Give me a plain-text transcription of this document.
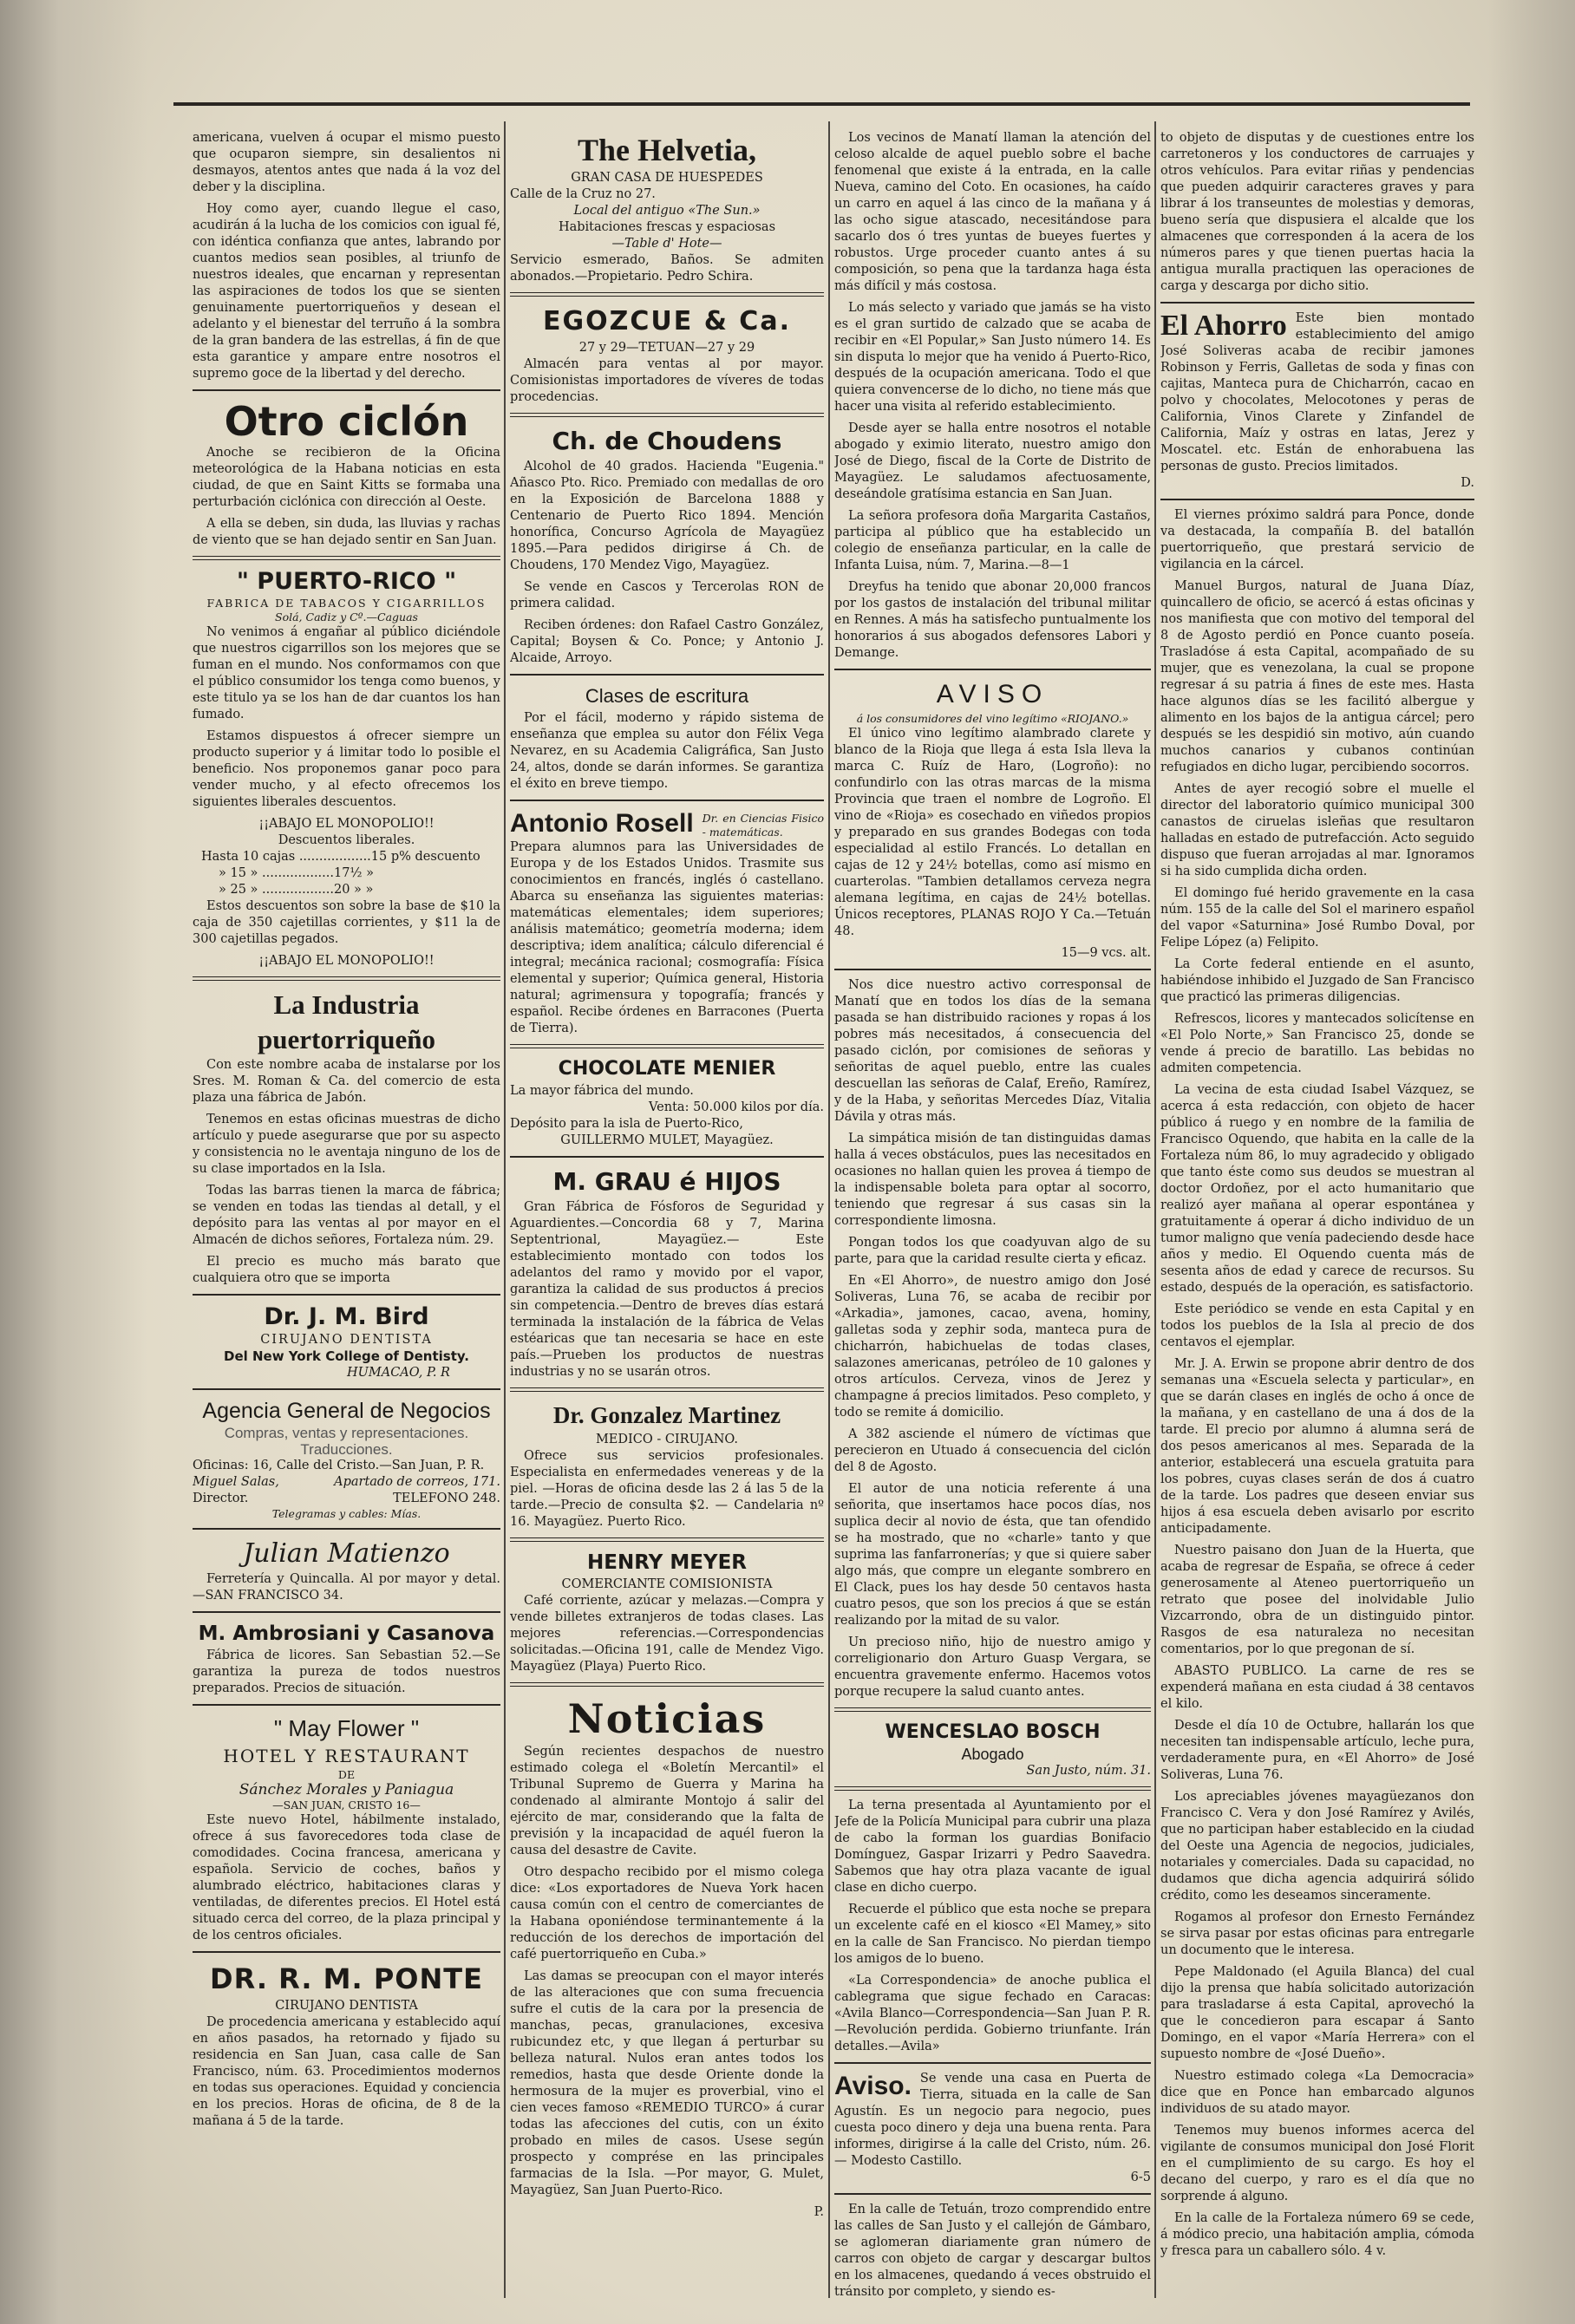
americana, vuelven á ocupar el mismo puesto que ocuparon siempre, sin desalientos ni desmayos, atentos antes que nada á la voz del deber y la disciplina.

Hoy como ayer, cuando llegue el caso, acudirán á la lucha de los comicios con igual fé, con idéntica confianza que antes, labrando por cuantos medios sean posibles, al triunfo de nuestros ideales, que encarnan y representan las aspiraciones de todos los que se sienten genuinamente puertorriqueños y desean el adelanto y el bienestar del terruño á la sombra de la gran bandera de las estrellas, á fin de que esta garantice y ampare entre nosotros el supremo goce de la libertad y del derecho.

Otro ciclón

Anoche se recibieron de la Oficina meteorológica de la Habana noticias en esta ciudad, de que en Saint Kitts se formaba una perturbación ciclónica con dirección al Oeste.

A ella se deben, sin duda, las lluvias y rachas de viento que se han dejado sentir en San Juan.

" PUERTO-RICO "
FABRICA DE TABACOS Y CIGARRILLOS
Solá, Cadiz y Cº.—Caguas

No venimos á engañar al público diciéndole que nuestros cigarrillos son los mejores que se fuman en el mundo. Nos conformamos con que el público consumidor los tenga como buenos, y este titulo ya se los han de dar cuantos los han fumado.

Estamos dispuestos á ofrecer siempre un producto superior y á limitar todo lo posible el beneficio. Nos proponemos ganar poco para vender mucho, y al efecto ofrecemos los siguientes liberales descuentos.

¡¡ABAJO EL MONOPOLIO!!
Descuentos liberales.
Hasta 10 cajas ..................15 p% descuento
» 15 » ..................17½ »
» 25 » ..................20 » »

Estos descuentos son sobre la base de $10 la caja de 350 cajetillas corrientes, y $11 la de 300 cajetillas pegados.

¡¡ABAJO EL MONOPOLIO!!
La Industria puertorriqueño

Con este nombre acaba de instalarse por los Sres. M. Roman & Ca. del comercio de esta plaza una fábrica de Jabón.

Tenemos en estas oficinas muestras de dicho artículo y puede asegurarse que por su aspecto y consistencia no le aventaja ninguno de los de su clase importados en la Isla.

Todas las barras tienen la marca de fábrica; se venden en todas las tiendas al detall, y el depósito para las ventas al por mayor en el Almacén de dichos señores, Fortaleza núm. 29.

El precio es mucho más barato que cualquiera otro que se importa

Dr. J. M. Bird
CIRUJANO DENTISTA
Del New York College of Dentisty.
HUMACAO, P. R
Agencia General de Negocios
Compras, ventas y representaciones. Traducciones.
Oficinas: 16, Calle del Cristo.—San Juan, P. R.
Miguel Salas,	Apartado de correos, 171.
Director.	TELEFONO 248.
Telegramas y cables: Mías.
Julian Matienzo

Ferretería y Quincalla. Al por mayor y detal.—SAN FRANCISCO 34.

M. Ambrosiani y Casanova

Fábrica de licores. San Sebastian 52.—Se garantiza la pureza de todos nuestros preparados. Precios de situación.

" May Flower "
HOTEL Y RESTAURANT
DE
Sánchez Morales y Paniagua
—SAN JUAN, CRISTO 16—

Este nuevo Hotel, hábilmente instalado, ofrece á sus favorecedores toda clase de comodidades. Cocina francesa, americana y española. Servicio de coches, baños y alumbrado eléctrico, habitaciones claras y ventiladas, de diferentes precios. El Hotel está situado cerca del correo, de la plaza principal y de los centros oficiales.

DR. R. M. PONTE
CIRUJANO DENTISTA

De procedencia americana y establecido aquí en años pasados, ha retornado y fijado su residencia en San Juan, casa calle de San Francisco, núm. 63. Procedimientos modernos en todas sus operaciones. Equidad y conciencia en los precios. Horas de oficina, de 8 de la mañana á 5 de la tarde.

The Helvetia,
GRAN CASA DE HUESPEDES
Calle de la Cruz no 27.
Local del antiguo «The Sun.»
Habitaciones frescas y espaciosas
—Table d' Hote—

Servicio esmerado, Baños. Se admiten abonados.—Propietario. Pedro Schira.

EGOZCUE & Ca.
27 y 29—TETUAN—27 y 29

Almacén para ventas al por mayor. Comisionistas importadores de víveres de todas procedencias.

Ch. de Choudens

Alcohol de 40 grados. Hacienda "Eugenia." Añasco Pto. Rico. Premiado con medallas de oro en la Exposición de Barcelona 1888 y Centenario de Puerto Rico 1894. Mención honorífica, Concurso Agrícola de Mayagüez 1895.—Para pedidos dirigirse á Ch. de Choudens, 170 Mendez Vigo, Mayagüez.

Se vende en Cascos y Tercerolas RON de primera calidad.

Reciben órdenes: don Rafael Castro González, Capital; Boysen & Co. Ponce; y Antonio J. Alcaide, Arroyo.

Clases de escritura

Por el fácil, moderno y rápido sistema de enseñanza que emplea su autor don Félix Vega Nevarez, en su Academia Caligráfica, San Justo 24, altos, donde se darán informes. Se garantiza el éxito en breve tiempo.

Antonio Rosell Dr. en Ciencias Fisico - matemáticas.

Prepara alumnos para las Universidades de Europa y de los Estados Unidos. Trasmite sus conocimientos en francés, inglés ó castellano. Abarca su enseñanza las siguientes materias: matemáticas elementales; idem superiores; análisis matemático; geometría moderna; idem descriptiva; idem analítica; cálculo diferencial é integral; mecánica racional; cosmografía: Física elemental y superior; Química general, Historia natural; agrimensura y topografía; francés y español. Recibe órdenes en Barracones (Puerta de Tierra).

CHOCOLATE MENIER
La mayor fábrica del mundo.
Venta: 50.000 kilos por día.
Depósito para la isla de Puerto-Rico,
GUILLERMO MULET, Mayagüez.
M. GRAU é HIJOS

Gran Fábrica de Fósforos de Seguridad y Aguardientes.—Concordia 68 y 7, Marina Septentrional, Mayagüez.— Este establecimiento montado con todos los adelantos del ramo y movido por el vapor, garantiza la calidad de sus productos á precios sin competencia.—Dentro de breves días estará terminada la instalación de la fábrica de Velas estéaricas que tan necesaria se hace en este país.—Prueben los productos de nuestras industrias y no se usarán otros.

Dr. Gonzalez Martinez
MEDICO - CIRUJANO.

Ofrece sus servicios profesionales. Especialista en enfermedades venereas y de la piel. —Horas de oficina desde las 2 á las 5 de la tarde.—Precio de consulta $2. — Candelaria nº 16. Mayagüez. Puerto Rico.

HENRY MEYER
COMERCIANTE COMISIONISTA

Café corriente, azúcar y melazas.—Compra y vende billetes extranjeros de todas clases. Las mejores referencias.—Correspondencias solicitadas.—Oficina 191, calle de Mendez Vigo. Mayagüez (Playa) Puerto Rico.

Noticias

Según recientes despachos de nuestro estimado colega el «Boletín Mercantil» el Tribunal Supremo de Guerra y Marina ha condenado al almirante Montojo á salir del ejército de mar, considerando que la falta de previsión y la incapacidad de aquél fueron la causa del desastre de Cavite.

Otro despacho recibido por el mismo colega dice: «Los exportadores de Nueva York hacen causa común con el centro de comerciantes de la Habana oponiéndose terminantemente á la reducción de los derechos de importación del café puertorriqueño en Cuba.»

Las damas se preocupan con el mayor interés de las alteraciones que con suma frecuencia sufre el cutis de la cara por la presencia de manchas, pecas, granulaciones, excesiva rubicundez etc, y que llegan á perturbar su belleza natural. Nulos eran antes todos los remedios, hasta que desde Oriente donde la hermosura de la mujer es proverbial, vino el cien veces famoso «REMEDIO TURCO» á curar todas las afecciones del cutis, con un éxito probado en miles de casos. Usese según prospecto y comprése en las principales farmacias de la Isla. —Por mayor, G. Mulet, Mayagüez, San Juan Puerto-Rico.

P.

Los vecinos de Manatí llaman la atención del celoso alcalde de aquel pueblo sobre el bache fenomenal que existe á la entrada, en la calle Nueva, camino del Coto. En ocasiones, ha caído un carro en aquel á las cinco de la mañana y á las ocho sigue atascado, necesitándose para sacarlo dos ó tres yuntas de bueyes fuertes y robustos. Urge proceder cuanto antes á su composición, so pena que la tardanza haga ésta más difícil y más costosa.

Lo más selecto y variado que jamás se ha visto es el gran surtido de calzado que se acaba de recibir en «El Popular,» San Justo número 14. Es sin disputa lo mejor que ha venido á Puerto-Rico, después de la ocupación americana. Todo el que quiera convencerse de lo dicho, no tiene más que hacer una visita al referido establecimiento.

Desde ayer se halla entre nosotros el notable abogado y eximio literato, nuestro amigo don José de Diego, fiscal de la Corte de Distrito de Mayagüez. Le saludamos afectuosamente, deseándole gratísima estancia en San Juan.

La señora profesora doña Margarita Castaños, participa al público que ha establecido un colegio de enseñanza particular, en la calle de Infanta Luisa, núm. 7, Marina.—8—1

Dreyfus ha tenido que abonar 20,000 francos por los gastos de instalación del tribunal militar en Rennes. A más ha satisfecho puntualmente los honorarios á sus abogados defensores Labori y Demange.

AVISO
á los consumidores del vino legítimo «RIOJANO.»

El único vino legítimo alambrado clarete y blanco de la Rioja que llega á esta Isla lleva la marca C. Ruíz de Haro, (Logroño): no confundirlo con las otras marcas de la misma Provincia que traen el nombre de Logroño. El vino de «Rioja» es cosechado en viñedos propios y preparado en sus grandes Bodegas con toda especialidad al estilo Francés. Lo detallan en cajas de 12 y 24½ botellas, como así mismo en cuarterolas. "Tambien detallamos cerveza negra alemana legítima, en cajas de 24½ botellas. Únicos receptores, PLANAS ROJO Y Ca.—Tetuán 48.

15—9 vcs. alt.

Nos dice nuestro activo corresponsal de Manatí que en todos los días de la semana pasada se han distribuido raciones y ropas á los pobres más necesitados, á consecuencia del pasado ciclón, por comisiones de señoras y señoritas de aquel pueblo, entre las cuales descuellan las señoras de Calaf, Ereño, Ramírez, y de la Haba, y señoritas Mercedes Díaz, Vitalia Dávila y otras más.

La simpática misión de tan distinguidas damas halla á veces obstáculos, pues las necesitados en ocasiones no hallan quien les provea á tiempo de la indispensable boleta para optar al socorro, teniendo que regresar á sus casas sin la correspondiente limosna.

Pongan todos los que coadyuvan algo de su parte, para que la caridad resulte cierta y eficaz.

En «El Ahorro», de nuestro amigo don José Soliveras, Luna 76, se acaba de recibir por «Arkadia», jamones, cacao, avena, hominy, galletas soda y zephir soda, manteca pura de chicharrón, habichuelas de todas clases, salazones americanas, petróleo de 10 galones y otros artículos. Cerveza, vinos de Jerez y champagne á precios limitados. Peso completo, y todo se remite á domicilio.

A 382 asciende el número de víctimas que perecieron en Utuado á consecuencia del ciclón del 8 de Agosto.

El autor de una noticia referente á una señorita, que insertamos hace pocos días, nos suplica decir al novio de ésta, que tan ofendido se ha mostrado, que no «charle» tanto y que suprima las fanfarronerías; y que si quiere saber algo más, que compre un elegante sombrero en El Clack, pues los hay desde 50 centavos hasta cuatro pesos, que son los precios á que se están realizando por la mitad de su valor.

Un precioso niño, hijo de nuestro amigo y correligionario don Arturo Guasp Vergara, se encuentra gravemente enfermo. Hacemos votos porque recupere la salud cuanto antes.

WENCESLAO BOSCH
Abogado
San Justo, núm. 31.

La terna presentada al Ayuntamiento por el Jefe de la Policía Municipal para cubrir una plaza de cabo la forman los guardias Bonifacio Domínguez, Gaspar Irizarri y Pedro Saavedra. Sabemos que hay otra plaza vacante de igual clase en dicho cuerpo.

Recuerde el público que esta noche se prepara un excelente café en el kiosco «El Mamey,» sito en la calle de San Francisco. No pierdan tiempo los amigos de lo bueno.

«La Correspondencia» de anoche publica el cablegrama que sigue fechado en Caracas: «Avila Blanco—Correspondencia—San Juan P. R.—Revolución perdida. Gobierno triunfante. Irán detalles.—Avila»

Aviso. Se vende una casa en Puerta de Tierra, situada en la calle de San Agustín. Es un negocio para negocio, pues cuesta poco dinero y deja una buena renta. Para informes, dirigirse á la calle del Cristo, núm. 26.— Modesto Castillo.
6-5

En la calle de Tetuán, trozo comprendido entre las calles de San Justo y el callejón de Gámbaro, se aglomeran diariamente gran número de carros con objeto de cargar y descargar bultos en los almacenes, quedando á veces obstruido el tránsito por completo, y siendo es-

to objeto de disputas y de cuestiones entre los carretoneros y los conductores de carruajes y otros vehículos. Para evitar riñas y pendencias que pueden adquirir caracteres graves y para librar á los transeuntes de molestias y demoras, bueno sería que dispusiera el alcalde que los almacenes que corresponden á la acera de los números pares y que tienen puertas hacia la antigua muralla practiquen las operaciones de carga y descarga por dicho sitio.

El Ahorro Este bien montado establecimiento del amigo José Soliveras acaba de recibir jamones Robinson y Ferris, Galletas de soda y finas con cajitas, Manteca pura de Chicharrón, cacao en polvo y chocolates, Melocotones y peras de California, Vinos Clarete y Zinfandel de California, Maíz y ostras en latas, Jerez y Moscatel. etc. Están de enhorabuena las personas de gusto. Precios limitados.
D.

El viernes próximo saldrá para Ponce, donde va destacada, la compañía B. del batallón puertorriqueño, que prestará servicio de vigilancia en la cárcel.

Manuel Burgos, natural de Juana Díaz, quincallero de oficio, se acercó á estas oficinas y nos manifiesta que con motivo del temporal del 8 de Agosto perdió en Ponce cuanto poseía. Trasladóse á esta Capital, acompañado de su mujer, que es venezolana, la cual se propone regresar á su patria á fines de este mes. Hasta hace algunos días se les facilitó albergue y alimento en los bajos de la antigua cárcel; pero después se les despidió sin motivo, aún cuando muchos canarios y cubanos continúan refugiados en dicho lugar, percibiendo socorros.

Antes de ayer recogió sobre el muelle el director del laboratorio químico municipal 300 canastos de ciruelas isleñas que resultaron halladas en estado de putrefacción. Acto seguido dispuso que fueran arrojadas al mar. Ignoramos si ha sido cumplida dicha orden.

El domingo fué herido gravemente en la casa núm. 155 de la calle del Sol el marinero español del vapor «Saturnina» José Rumbo Doval, por Felipe López (a) Felipito.

La Corte federal entiende en el asunto, habiéndose inhibido el Juzgado de San Francisco que practicó las primeras diligencias.

Refrescos, licores y mantecados solicítense en «El Polo Norte,» San Francisco 25, donde se vende á precio de baratillo. Las bebidas no admiten competencia.

La vecina de esta ciudad Isabel Vázquez, se acerca á esta redacción, con objeto de hacer público á ruego y en nombre de la familia de Francisco Oquendo, que habita en la calle de la Fortaleza núm 86, lo muy agradecido y obligado que tanto éste como sus deudos se muestran al doctor Ordoñez, por el acto humanitario que realizó ayer mañana al operar espontánea y gratuitamente á operar á dicho individuo de un tumor maligno que venía padeciendo desde hace años y medio. El Oquendo cuenta más de sesenta años de edad y carece de recursos. Su estado, después de la operación, es satisfactorio.

Este periódico se vende en esta Capital y en todos los pueblos de la Isla al precio de dos centavos el ejemplar.

Mr. J. A. Erwin se propone abrir dentro de dos semanas una «Escuela selecta y particular», en que se darán clases en inglés de ocho á once de la mañana, y en castellano de una á dos de la tarde. El precio por alumno á alumna será de dos pesos americanos al mes. Separada de la anterior, establecerá una escuela gratuita para los pobres, cuyas clases serán de dos á cuatro de la tarde. Los padres que deseen enviar sus hijos á esa escuela deben avisarlo por escrito anticipadamente.

Nuestro paisano don Juan de la Huerta, que acaba de regresar de España, se ofrece á ceder generosamente al Ateneo puertorriqueño un retrato que posee del inolvidable Julio Vizcarrondo, obra de un distinguido pintor. Rasgos de esa naturaleza no necesitan comentarios, por lo que pregonan de sí.

ABASTO PUBLICO. La carne de res se expenderá mañana en esta ciudad á 38 centavos el kilo.

Desde el día 10 de Octubre, hallarán los que necesiten tan indispensable artículo, leche pura, verdaderamente pura, en «El Ahorro» de José Soliveras, Luna 76.

Los apreciables jóvenes mayagüezanos don Francisco C. Vera y don José Ramírez y Avilés, que no participan haber establecido en la ciudad del Oeste una Agencia de negocios, judiciales, notariales y comerciales. Dada su capacidad, no dudamos que dicha agencia adquirirá sólido crédito, como les deseamos sinceramente.

Rogamos al profesor don Ernesto Fernández se sirva pasar por estas oficinas para entregarle un documento que le interesa.

Pepe Maldonado (el Aguila Blanca) del cual dijo la prensa que había solicitado autorización para trasladarse á esta Capital, aprovechó la que le concedieron para escapar á Santo Domingo, en el vapor «María Herrera» con el supuesto nombre de «José Dueño».

Nuestro estimado colega «La Democracia» dice que en Ponce han embarcado algunos individuos de su atado mayor.

Tenemos muy buenos informes acerca del vigilante de consumos municipal don José Florit en el cumplimiento de su cargo. Es hoy el decano del cuerpo, y raro es el día que no sorprende á alguno.

En la calle de la Fortaleza número 69 se cede, á módico precio, una habitación amplia, cómoda y fresca para un caballero sólo. 4 v.
